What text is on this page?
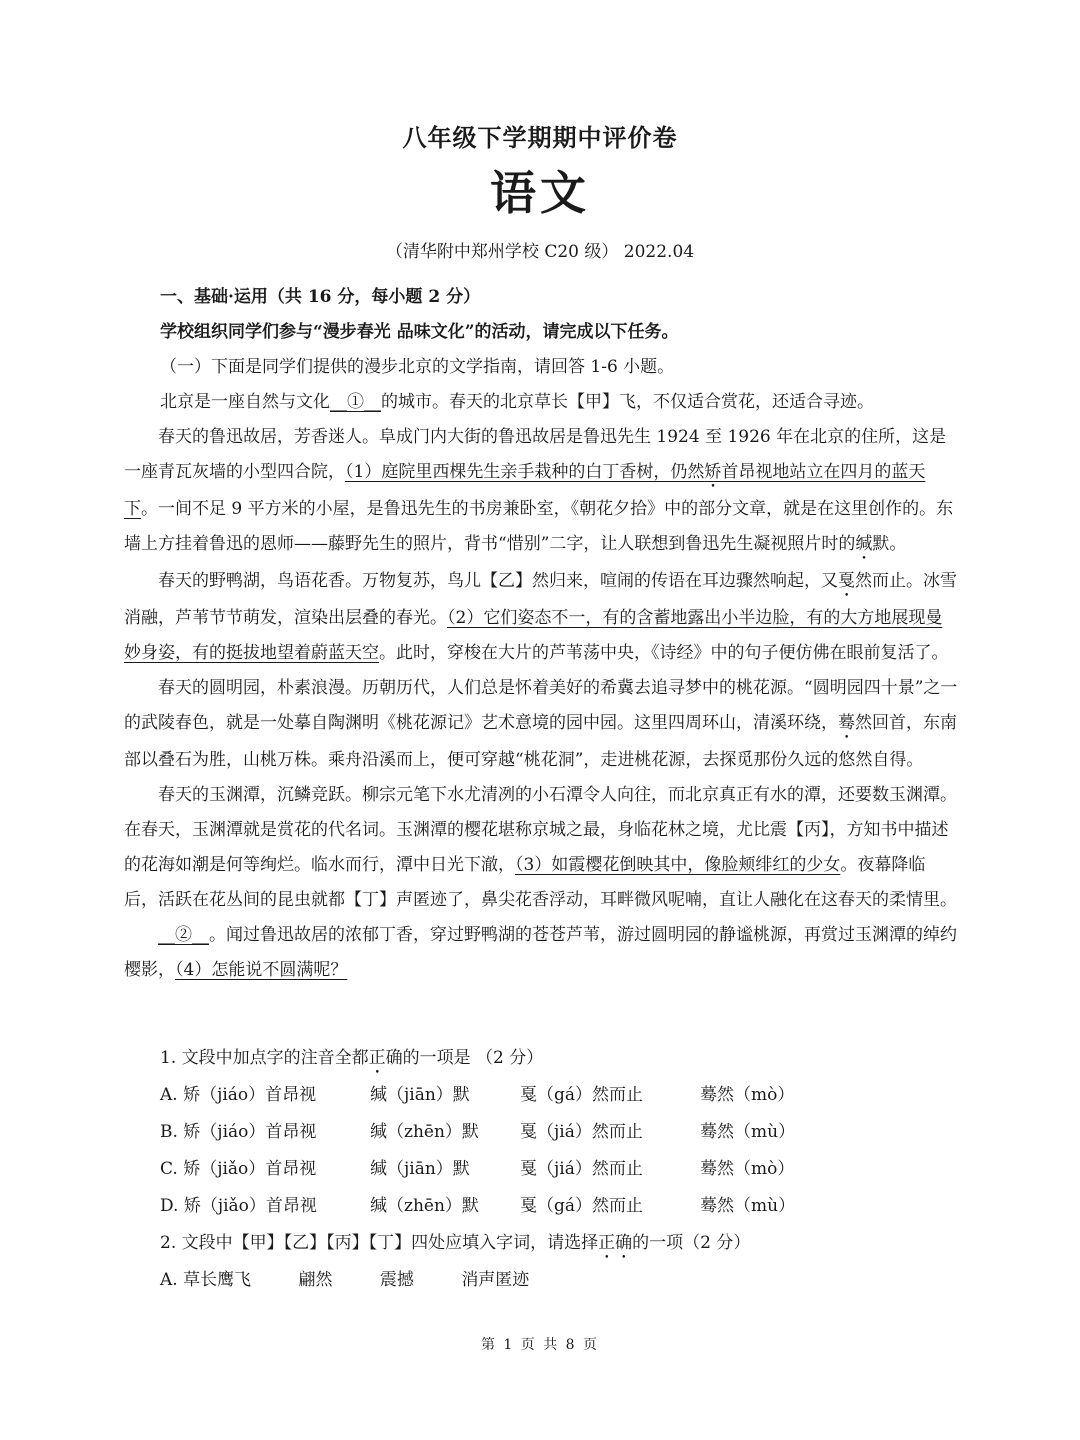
八年级下学期期中评价卷
语文
（清华附中郑州学校 C20 级） 2022.04

一、基础·运用（共 16 分，每小题 2 分）

学校组织同学们参与“漫步春光 品味文化”的活动，请完成以下任务。

（一）下面是同学们提供的漫步北京的文学指南，请回答 1-6 小题。

北京是一座自然与文化__①__的城市。春天的北京草长【甲】飞，不仅适合赏花，还适合寻迹。

春天的鲁迅故居，芳香迷人。阜成门内大街的鲁迅故居是鲁迅先生 1924 至 1926 年在北京的住所，这是一座青瓦灰墙的小型四合院，（1）庭院里西棵先生亲手栽种的白丁香树，仍然矫首昂视地站立在四月的蓝天下。一间不足 9 平方米的小屋，是鲁迅先生的书房兼卧室，《朝花夕拾》中的部分文章，就是在这里创作的。东墙上方挂着鲁迅的恩师——藤野先生的照片，背书“惜别”二字，让人联想到鲁迅先生凝视照片时的缄默。

春天的野鸭湖，鸟语花香。万物复苏，鸟儿【乙】然归来，喧闹的传语在耳边骤然响起，又戛然而止。冰雪消融，芦苇节节萌发，渲染出层叠的春光。（2）它们姿态不一，有的含蓄地露出小半边脸，有的大方地展现曼妙身姿，有的挺拔地望着蔚蓝天空。此时，穿梭在大片的芦苇荡中央，《诗经》中的句子便仿佛在眼前复活了。

春天的圆明园，朴素浪漫。历朝历代，人们总是怀着美好的希冀去追寻梦中的桃花源。“圆明园四十景”之一的武陵春色，就是一处摹自陶渊明《桃花源记》艺术意境的园中园。这里四周环山，清溪环绕，蓦然回首，东南部以叠石为胜，山桃万株。乘舟沿溪而上，便可穿越“桃花洞”，走进桃花源，去探觅那份久远的悠然自得。

春天的玉渊潭，沉鳞竞跃。柳宗元笔下水尤清冽的小石潭令人向往，而北京真正有水的潭，还要数玉渊潭。在春天，玉渊潭就是赏花的代名词。玉渊潭的樱花堪称京城之最，身临花林之境，尤比震【丙】，方知书中描述的花海如潮是何等绚烂。临水而行，潭中日光下澈，（3）如霞樱花倒映其中，像脸颊绯红的少女。夜幕降临后，活跃在花丛间的昆虫就都【丁】声匿迹了，鼻尖花香浮动，耳畔微风呢喃，直让人融化在这春天的柔情里。

__②__。闻过鲁迅故居的浓郁丁香，穿过野鸭湖的苍苍芦苇，游过圆明园的静谧桃源，再赏过玉渊潭的绰约樱影，（4）怎能说不圆满呢？

1. 文段中加点字的注音全都正确的一项是 （2 分）
A. 矫（jiáo）首昂视	缄（jiān）默	戛（gá）然而止	蓦然（mò）
B. 矫（jiáo）首昂视	缄（zhēn）默	戛（jiá）然而止	蓦然（mù）
C. 矫（jiǎo）首昂视	缄（jiān）默	戛（jiá）然而止	蓦然（mò）
D. 矫（jiǎo）首昂视	缄（zhēn）默	戛（gá）然而止	蓦然（mù）
2. 文段中【甲】【乙】【丙】【丁】四处应填入字词，请选择正确的一项（2 分）
A. 草长鹰飞	翩然	震撼	消声匿迹
第 1 页 共 8 页
